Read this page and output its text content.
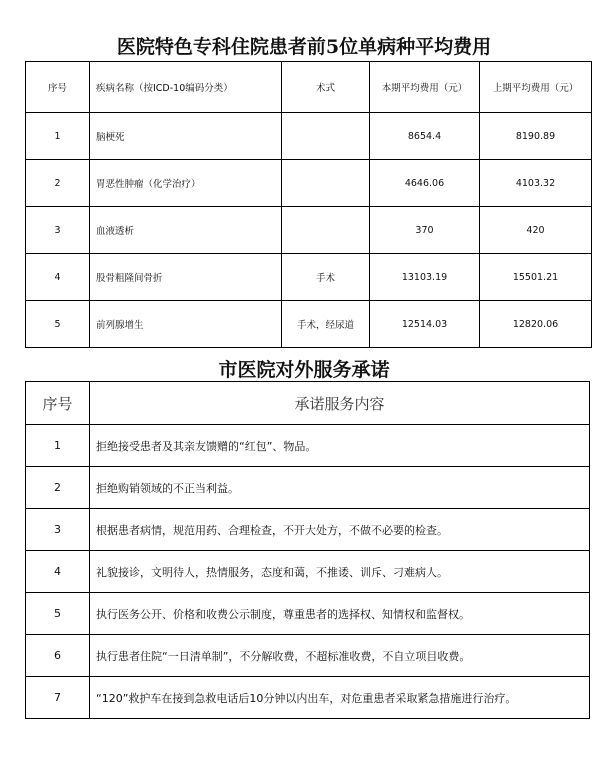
医院特色专科住院患者前5位单病种平均费用
序号	疾病名称（按ICD-10编码分类）	术式	本期平均费用（元）	上期平均费用（元）
1	脑梗死		8654.4	8190.89
2	胃恶性肿瘤（化学治疗）		4646.06	4103.32
3	血液透析		370	420
4	股骨粗隆间骨折	手术	13103.19	15501.21
5	前列腺增生	手术，经尿道	12514.03	12820.06
市医院对外服务承诺
序号	承诺服务内容
1	拒绝接受患者及其亲友馈赠的“红包”、物品。
2	拒绝购销领域的不正当利益。
3	根据患者病情，规范用药、合理检查，不开大处方，不做不必要的检查。
4	礼貌接诊，文明待人，热情服务，态度和蔼，不推诿、训斥、刁难病人。
5	执行医务公开、价格和收费公示制度，尊重患者的选择权、知情权和监督权。
6	执行患者住院“一日清单制”，不分解收费，不超标准收费，不自立项目收费。
7	“120”救护车在接到急救电话后10分钟以内出车，对危重患者采取紧急措施进行治疗。
